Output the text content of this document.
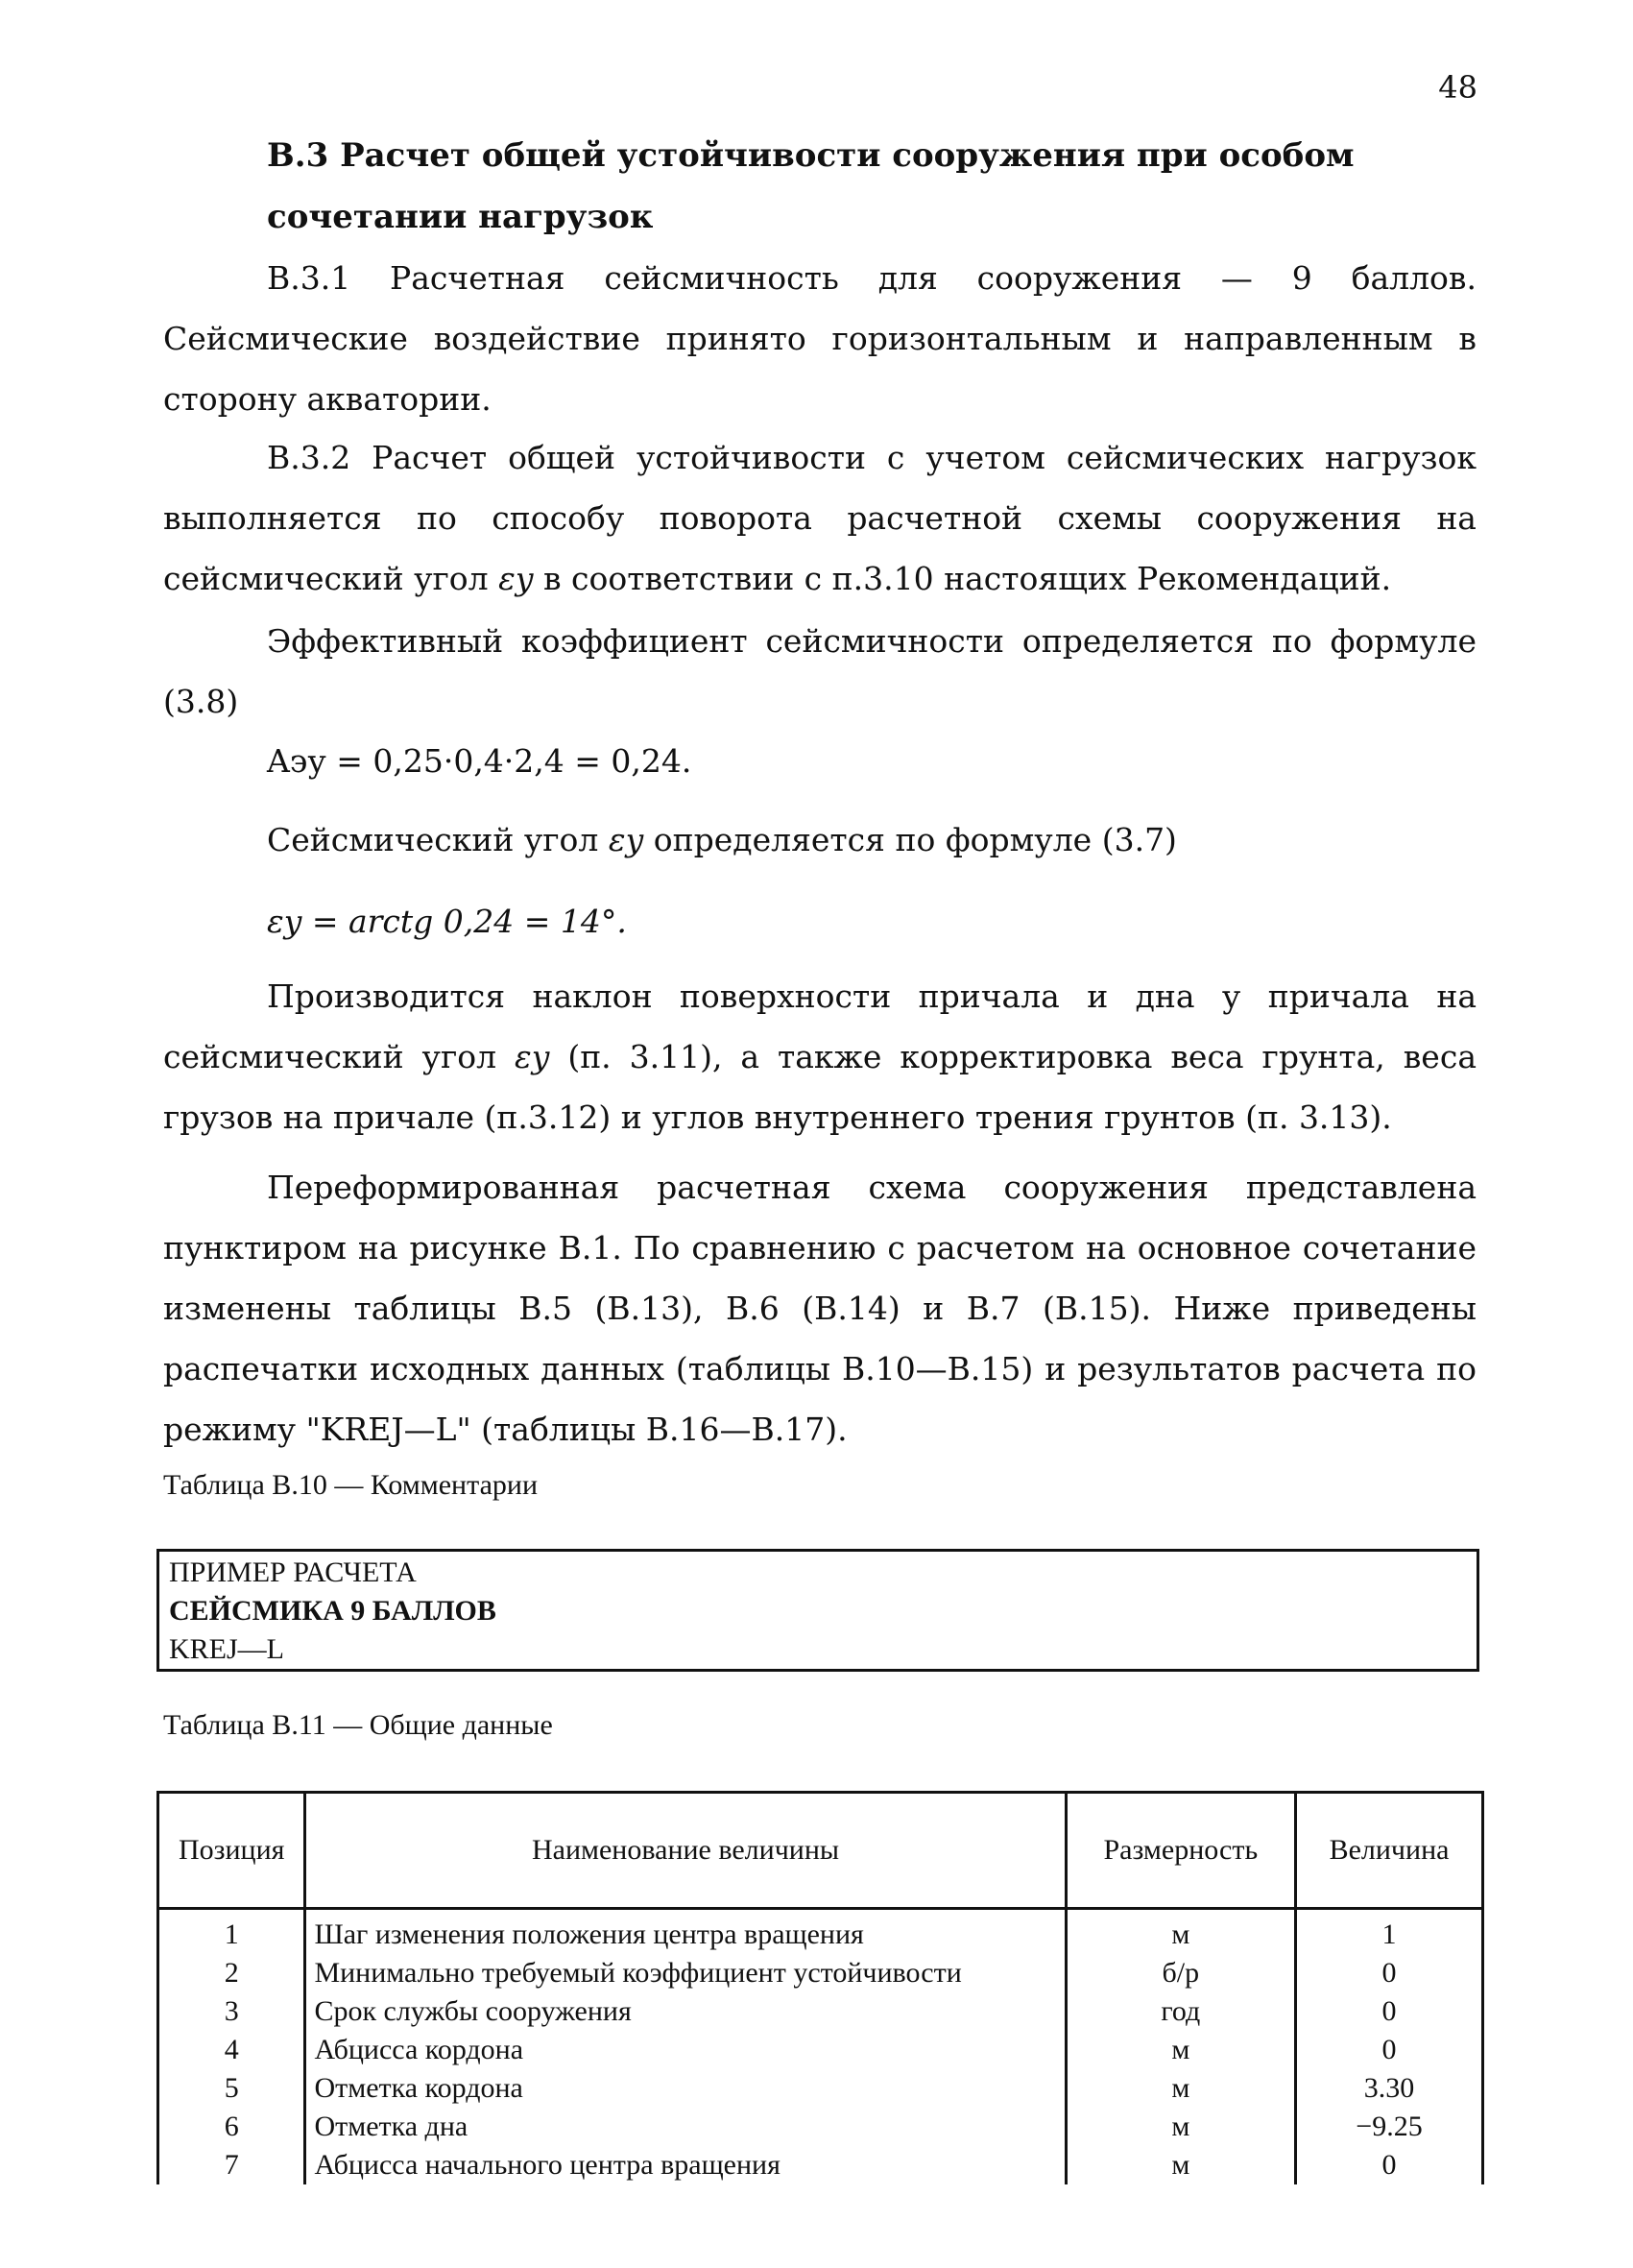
48
В.3 Расчет общей устойчивости сооружения при особом сочетании нагрузок
В.3.1 Расчетная сейсмичность для сооружения — 9 баллов. Сейсмические воздействие принято горизонтальным и направленным в сторону акватории.
В.3.2 Расчет общей устойчивости с учетом сейсмических нагрузок выполняется по способу поворота расчетной схемы сооружения на сейсмический угол εy в соответствии с п.3.10 настоящих Рекомендаций.
Эффективный коэффициент сейсмичности определяется по формуле (3.8)
Aэу = 0,25·0,4·2,4 = 0,24.
Сейсмический угол εy определяется по формуле (3.7)
εy = arctg 0,24 = 14°.
Производится наклон поверхности причала и дна у причала на сейсмический угол εy (п. 3.11), а также корректировка веса грунта, веса грузов на причале (п.3.12) и углов внутреннего трения грунтов (п. 3.13).
Переформированная расчетная схема сооружения представлена пунктиром на рисунке В.1. По сравнению с расчетом на основное сочетание изменены таблицы В.5 (В.13), В.6 (В.14) и В.7 (В.15). Ниже приведены распечатки исходных данных (таблицы В.10—В.15) и результатов расчета по режиму "KREJ—L" (таблицы В.16—В.17).
Таблица В.10 — Комментарии
ПРИМЕР РАСЧЕТА
СЕЙСМИКА 9 БАЛЛОВ
KREJ—L
Таблица В.11 — Общие данные
Позиция	Наименование величины	Размерность	Величина
1	Шаг изменения положения центра вращения	м	1
2	Минимально требуемый коэффициент устойчивости	б/р	0
3	Срок службы сооружения	год	0
4	Абцисса кордона	м	0
5	Отметка кордона	м	3.30
6	Отметка дна	м	−9.25
7	Абцисса начального центра вращения	м	0
